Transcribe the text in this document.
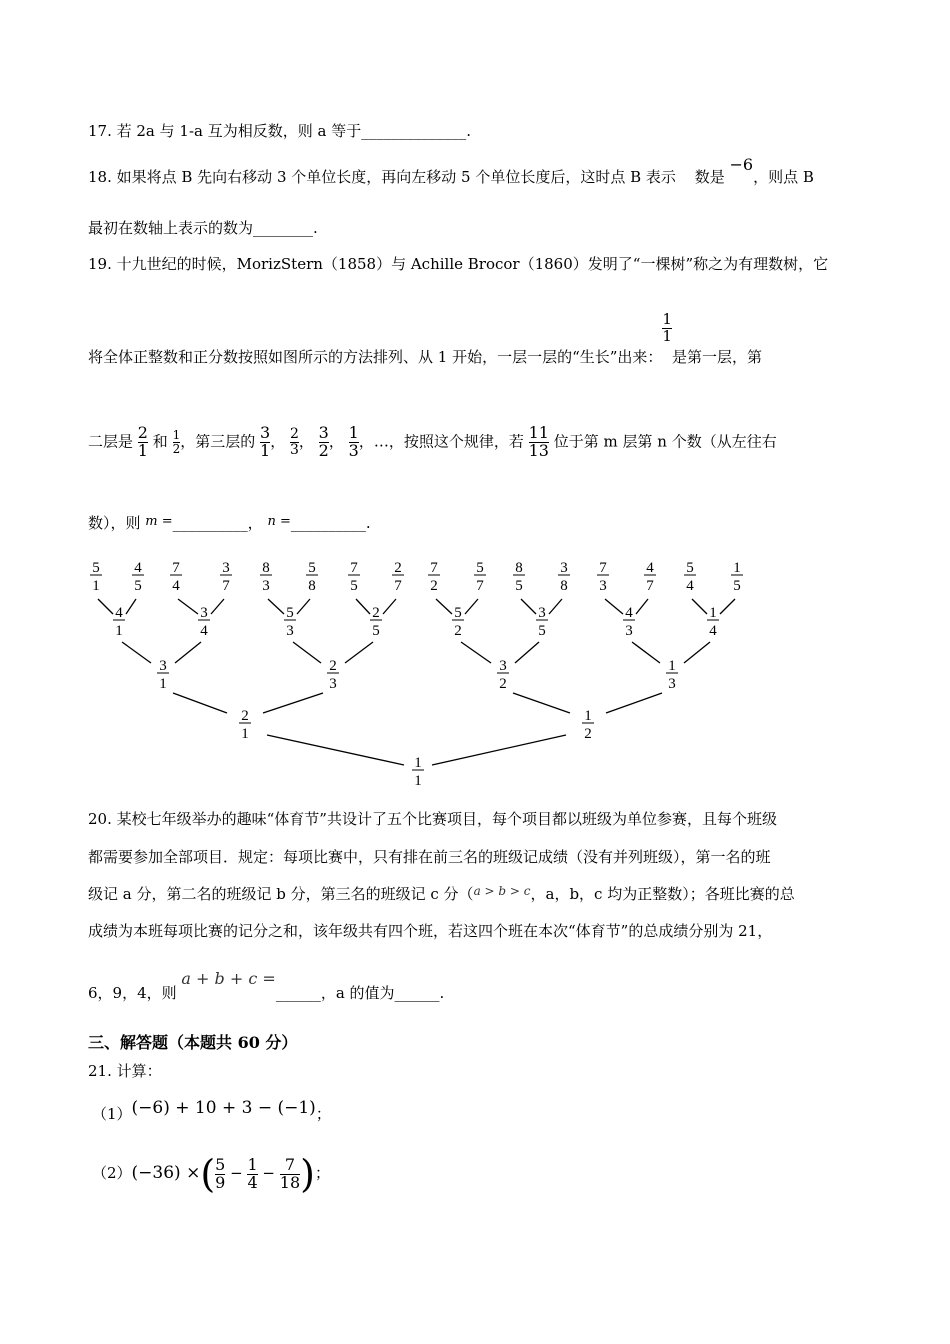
17. 若 2a 与 1-a 互为相反数，则 a 等于______________.
18. 如果将点 B 先向右移动 3 个单位长度，再向左移动 5 个单位长度后，这时点 B 表示 数是 −6，则点 B
最初在数轴上表示的数为________.
19. 十九世纪的时候，MorizStern（1858）与 Achille Brocor（1860）发明了“一棵树”称之为有理数树，它
将全体正整数和正分数按照如图所示的方法排列、从 1 开始，一层一层的“生长”出来：
$\frac{1}{1}$
是第一层，第
二层是 $\frac{2}{1}$ 和 $\frac{1}{2}$ ，第三层的 $\frac{3}{1}$ ， $\frac{2}{3}$ ， $\frac{3}{2}$ ， $\frac{1}{3}$ ，…，按照这个规律，若 $\frac{11}{13}$ 位于第 m 层第 n 个数（从左往右
数），则 m =__________， n =__________.
5
1
4
5
7
4
3
7
8
3
5
8
7
5
2
7
7
2
5
7
8
5
3
8
7
3
4
7
5
4
1
5
4
1
3
4
5
3
2
5
5
2
3
5
4
3
1
4
3
1
2
3
3
2
1
3
2
1
1
2
1
1
20. 某校七年级举办的趣味“体育节”共设计了五个比赛项目，每个项目都以班级为单位参赛，且每个班级
都需要参加全部项目．规定：每项比赛中，只有排在前三名的班级记成绩（没有并列班级），第一名的班
级记 a 分，第二名的班级记 b 分，第三名的班级记 c 分（$^{a > b > c}$，a，b，c 均为正整数）；各班比赛的总
成绩为本班每项比赛的记分之和，该年级共有四个班，若这四个班在本次“体育节”的总成绩分别为 21，
6，9，4，则 a + b + c =______，a 的值为______.
三、解答题（本题共 60 分）
21. 计算：
（1）(−6) + 10 + 3 − (−1)；
（2）(−36) ×( $\frac{5}{9} - \frac{1}{4} - \frac{7}{18}$ )；
